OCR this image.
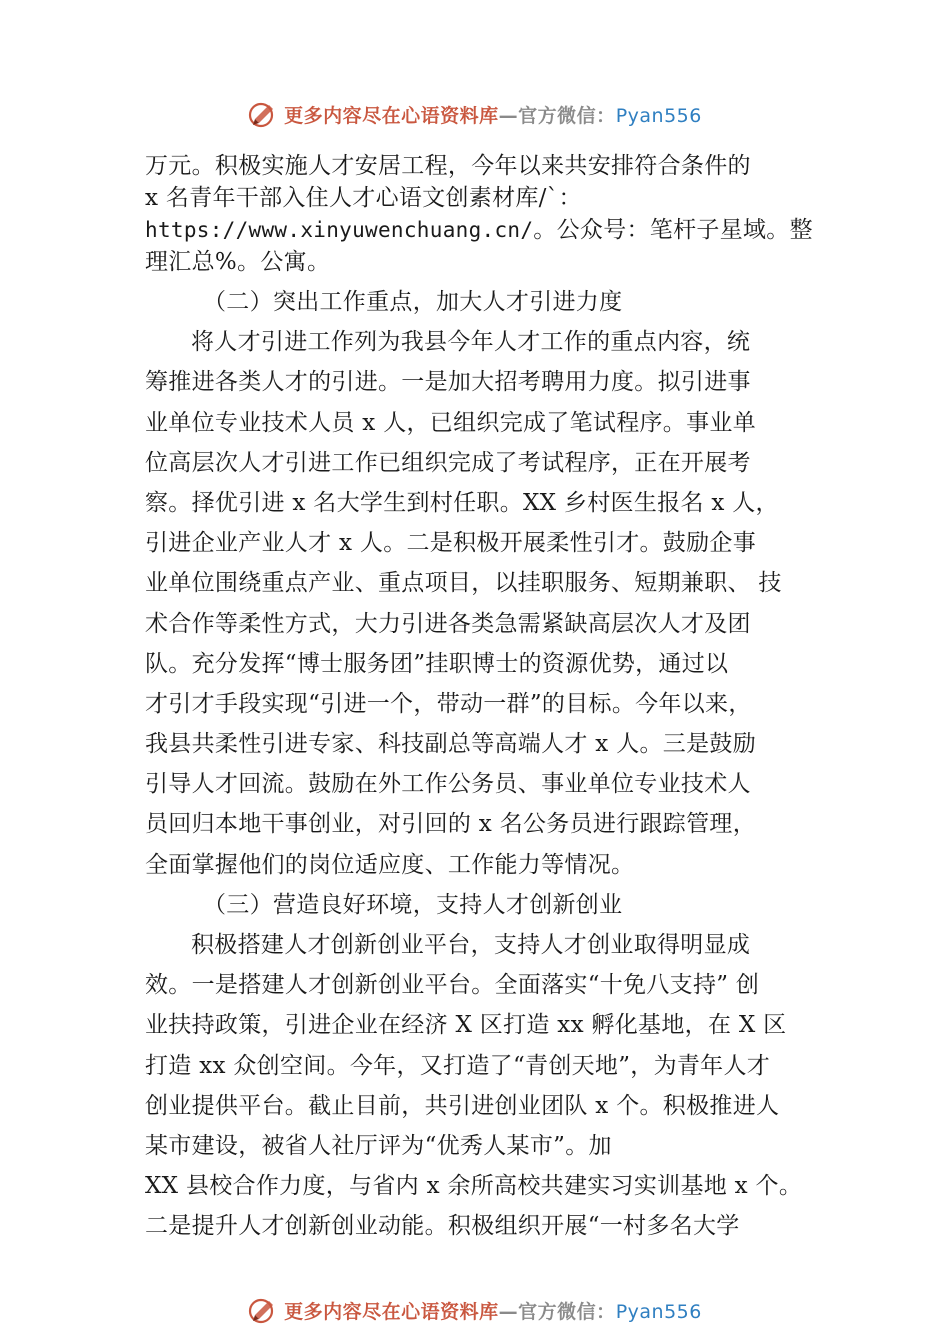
更多内容尽在心语资料库—官方微信：Pyan556
万元。积极实施人才安居工程，今年以来共安排符合条件的
x 名青年干部入住人才心语文创素材库/`：
https://www.xinyuwenchuang.cn/。公众号：笔杆子星域。整
理汇总%。公寓。
（二）突出工作重点，加大人才引进力度
将人才引进工作列为我县今年人才工作的重点内容，统
筹推进各类人才的引进。一是加大招考聘用力度。拟引进事
业单位专业技术人员 x 人，已组织完成了笔试程序。事业单
位高层次人才引进工作已组织完成了考试程序，正在开展考
察。择优引进 x 名大学生到村任职。XX 乡村医生报名 x 人，
引进企业产业人才 x 人。二是积极开展柔性引才。鼓励企事
业单位围绕重点产业、重点项目，以挂职服务、短期兼职、 技
术合作等柔性方式，大力引进各类急需紧缺高层次人才及团
队。充分发挥“博士服务团”挂职博士的资源优势，通过以
才引才手段实现“引进一个，带动一群”的目标。今年以来，
我县共柔性引进专家、科技副总等高端人才 x 人。三是鼓励
引导人才回流。鼓励在外工作公务员、事业单位专业技术人
员回归本地干事创业，对引回的 x 名公务员进行跟踪管理，
全面掌握他们的岗位适应度、工作能力等情况。
（三）营造良好环境，支持人才创新创业
积极搭建人才创新创业平台，支持人才创业取得明显成
效。一是搭建人才创新创业平台。全面落实“十免八支持” 创
业扶持政策，引进企业在经济 X 区打造 xx 孵化基地，在 X 区
打造 xx 众创空间。今年，又打造了“青创天地”，为青年人才
创业提供平台。截止目前，共引进创业团队 x 个。积极推进人
某市建设，被省人社厅评为“优秀人某市”。加
XX 县校合作力度，与省内 x 余所高校共建实习实训基地 x 个。
二是提升人才创新创业动能。积极组织开展“一村多名大学
更多内容尽在心语资料库—官方微信：Pyan556
